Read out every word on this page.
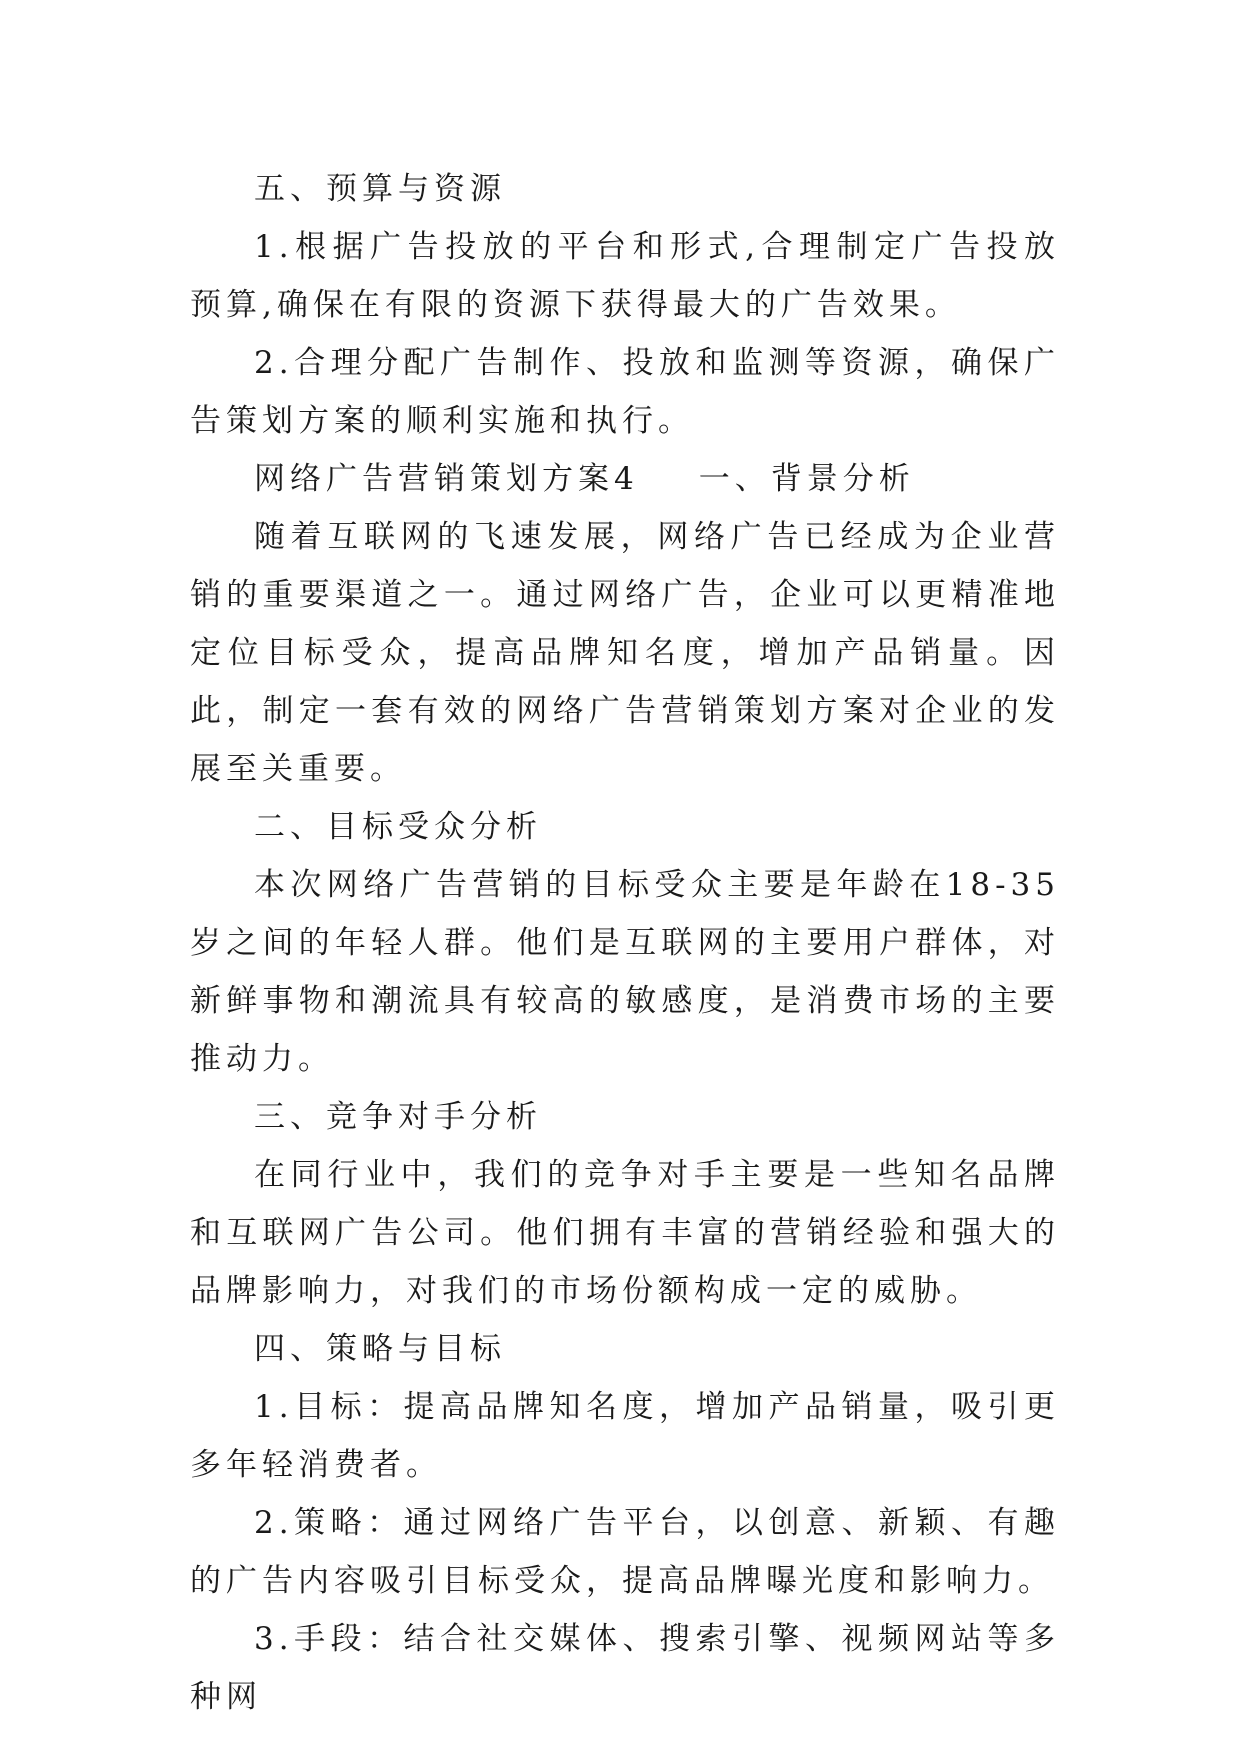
五、预算与资源

1.根据广告投放的平台和形式,合理制定广告投放预算,确保在有限的资源下获得最大的广告效果。

2.合理分配广告制作、投放和监测等资源，确保广告策划方案的顺利实施和执行。

网络广告营销策划方案4 一、背景分析

随着互联网的飞速发展，网络广告已经成为企业营销的重要渠道之一。通过网络广告，企业可以更精准地定位目标受众，提高品牌知名度，增加产品销量。因此，制定一套有效的网络广告营销策划方案对企业的发展至关重要。

二、目标受众分析

本次网络广告营销的目标受众主要是年龄在18-35岁之间的年轻人群。他们是互联网的主要用户群体，对新鲜事物和潮流具有较高的敏感度，是消费市场的主要推动力。

三、竞争对手分析

在同行业中，我们的竞争对手主要是一些知名品牌和互联网广告公司。他们拥有丰富的营销经验和强大的品牌影响力，对我们的市场份额构成一定的威胁。

四、策略与目标

1.目标：提高品牌知名度，增加产品销量，吸引更多年轻消费者。

2.策略：通过网络广告平台，以创意、新颖、有趣的广告内容吸引目标受众，提高品牌曝光度和影响力。

3.手段：结合社交媒体、搜索引擎、视频网站等多种网
